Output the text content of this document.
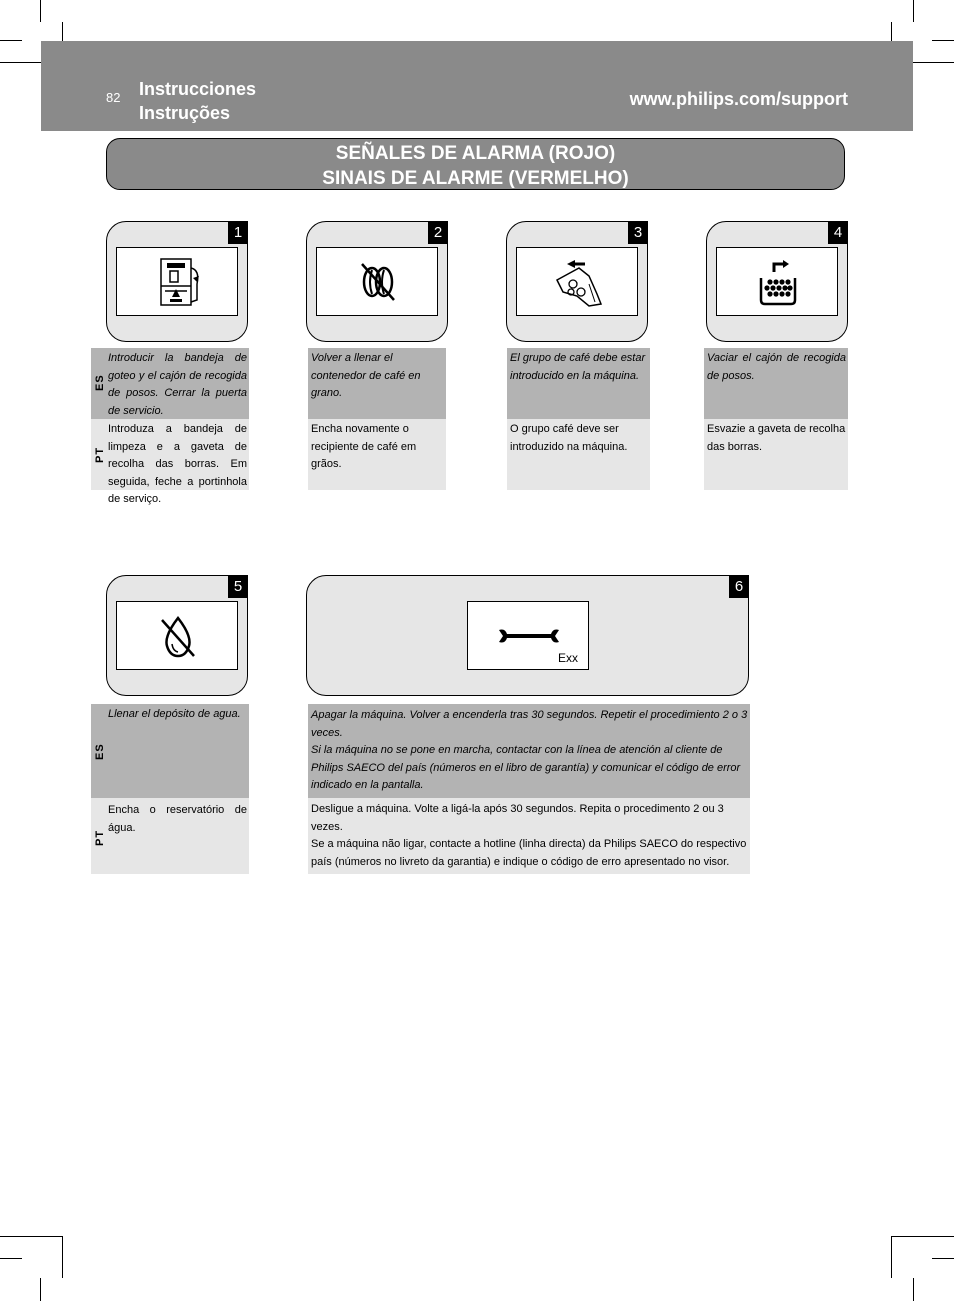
82 Instrucciones
Instruções
www.philips.com/support
SEÑALES DE ALARMA (ROJO)
SINAIS DE ALARME (VERMELHO)
1
Introducir la bandeja de goteo y el cajón de recogida de posos. Cerrar la puerta de servicio.
Introduza a bandeja de limpeza e a gaveta de recolha das borras. Em seguida, feche a portinhola de serviço.
ES
PT
2
Volver a llenar el contenedor de café en grano.
Encha novamente o recipiente de café em grãos.
3
El grupo de café debe estar introducido en la máquina.
O grupo café deve ser introduzido na máquina.
4
Vaciar el cajón de recogida de posos.
Esvazie a gaveta de recolha das borras.
5
Llenar el depósito de agua.
Encha o reservatório de água.
ES
PT
6
Exx
Apagar la máquina. Volver a encenderla tras 30 segundos. Repetir el procedimiento 2 o 3 veces.
Si la máquina no se pone en marcha, contactar con la línea de atención al cliente de Philips SAECO del país (números en el libro de garantía) y comunicar el código de error indicado en la pantalla.
Desligue a máquina. Volte a ligá-la após 30 segundos. Repita o procedimento 2 ou 3 vezes.
Se a máquina não ligar, contacte a hotline (linha directa) da Philips SAECO do respectivo país (números no livreto da garantia) e indique o código de erro apresentado no visor.
